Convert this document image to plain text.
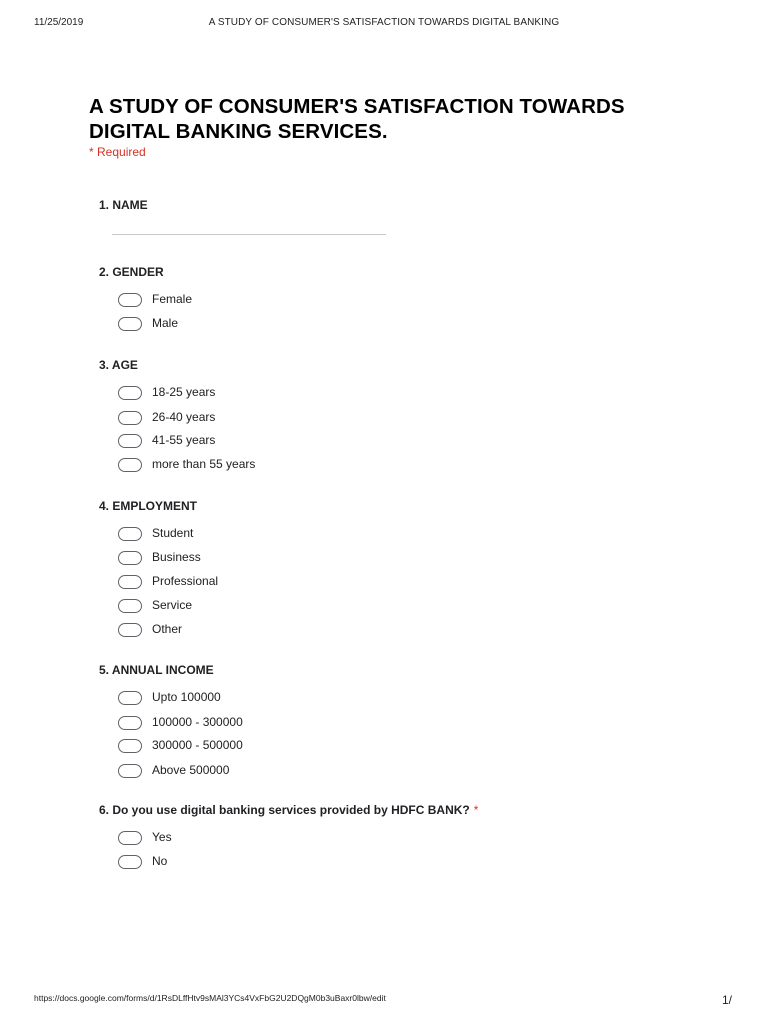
11/25/2019	A STUDY OF CONSUMER'S SATISFACTION TOWARDS DIGITAL BANKING
A STUDY OF CONSUMER'S SATISFACTION TOWARDS DIGITAL BANKING SERVICES.
* Required

1. NAME

2. GENDER

Female
Male

3. AGE

18-25 years
26-40 years
41-55 years
more than 55 years

4. EMPLOYMENT

Student
Business
Professional
Service
Other

5. ANNUAL INCOME

Upto 100000
100000 - 300000
300000 - 500000
Above 500000

6. Do you use digital banking services provided by HDFC BANK? *

Yes
No
https://docs.google.com/forms/d/1RsDLffHtv9sMAl3YCs4VxFbG2U2DQgM0b3uBaxr0lbw/edit	1/
